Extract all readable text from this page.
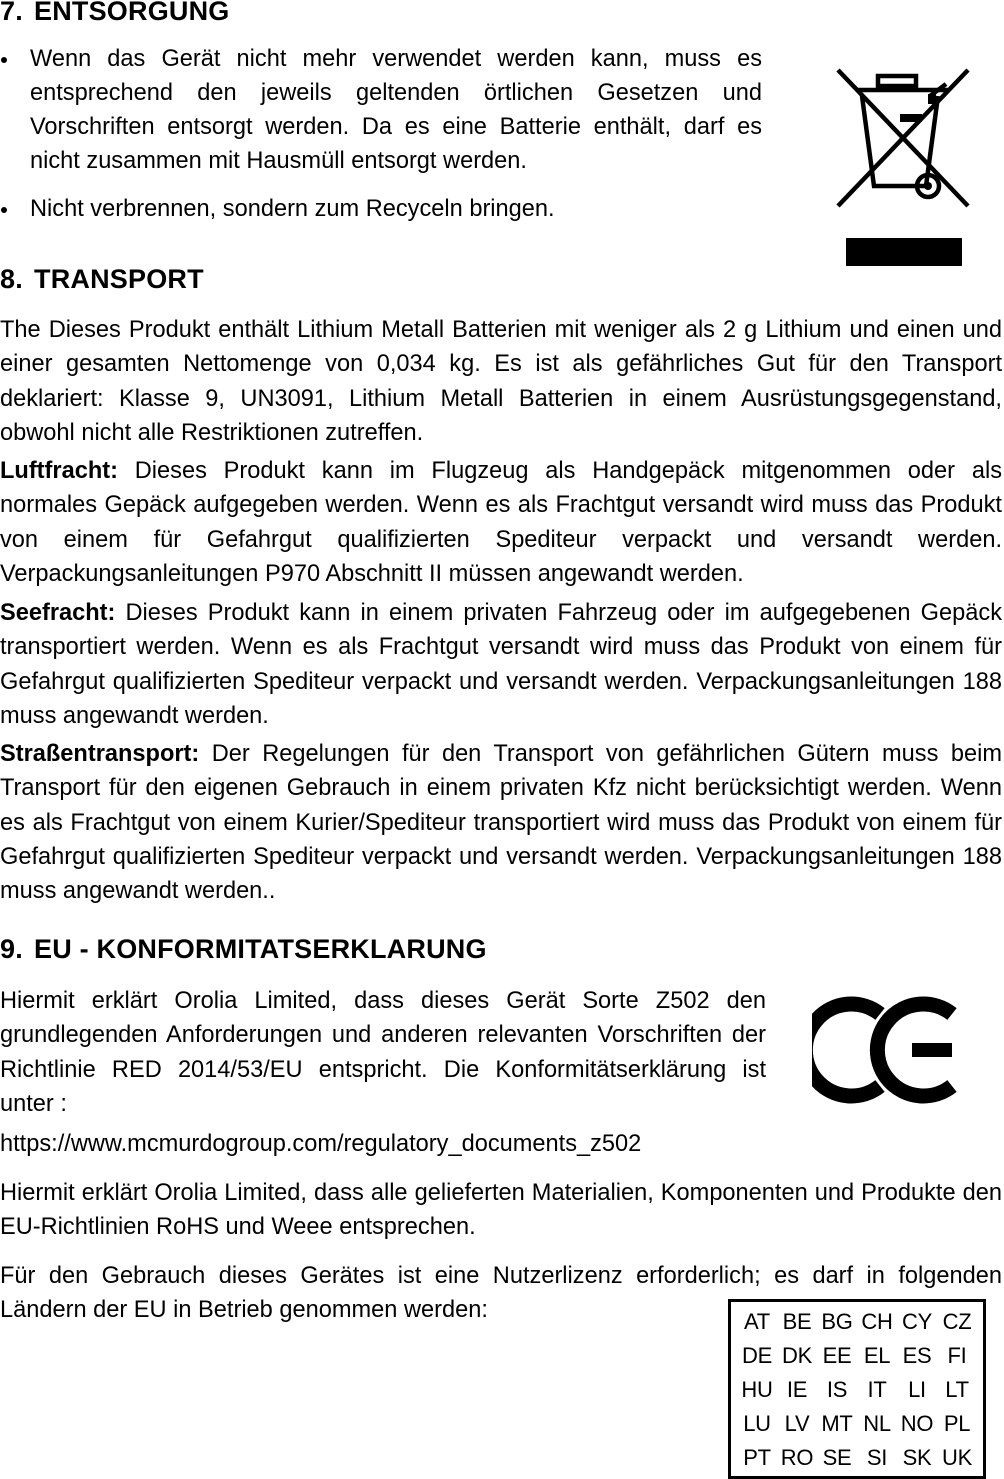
7. ENTSORGUNG
Wenn das Gerät nicht mehr verwendet werden kann, muss es entsprechend den jeweils geltenden örtlichen Gesetzen und Vorschriften entsorgt werden. Da es eine Batterie enthält, darf es nicht zusammen mit Hausmüll entsorgt werden.
Nicht verbrennen, sondern zum Recyceln bringen.
8. TRANSPORT

The Dieses Produkt enthält Lithium Metall Batterien mit weniger als 2 g Lithium und einen und einer gesamten Nettomenge von 0,034 kg. Es ist als gefährliches Gut für den Transport deklariert: Klasse 9, UN3091, Lithium Metall Batterien in einem Ausrüstungsgegenstand, obwohl nicht alle Restriktionen zutreffen.

Luftfracht: Dieses Produkt kann im Flugzeug als Handgepäck mitgenommen oder als normales Gepäck aufgegeben werden. Wenn es als Frachtgut versandt wird muss das Produkt von einem für Gefahrgut qualifizierten Spediteur verpackt und versandt werden. Verpackungsanleitungen P970 Abschnitt II müssen angewandt werden.

Seefracht: Dieses Produkt kann in einem privaten Fahrzeug oder im aufgegebenen Gepäck transportiert werden. Wenn es als Frachtgut versandt wird muss das Produkt von einem für Gefahrgut qualifizierten Spediteur verpackt und versandt werden. Verpackungsanleitungen 188 muss angewandt werden.

Straßentransport: Der Regelungen für den Transport von gefährlichen Gütern muss beim Transport für den eigenen Gebrauch in einem privaten Kfz nicht berücksichtigt werden. Wenn es als Frachtgut von einem Kurier/Spediteur transportiert wird muss das Produkt von einem für Gefahrgut qualifizierten Spediteur verpackt und versandt werden. Verpackungsanleitungen 188 muss angewandt werden..

9. EU - KONFORMITATSERKLARUNG

Hiermit erklärt Orolia Limited, dass dieses Gerät Sorte Z502 den grundlegenden Anforderungen und anderen relevanten Vorschriften der Richtlinie RED 2014/53/EU entspricht. Die Konformitätserklärung ist unter :

https://www.mcmurdogroup.com/regulatory_documents_z502

Hiermit erklärt Orolia Limited, dass alle gelieferten Materialien, Komponenten und Produkte den EU-Richtlinien RoHS und Weee entsprechen.

Für den Gebrauch dieses Gerätes ist eine Nutzerlizenz erforderlich; es darf in folgenden Ländern der EU in Betrieb genommen werden:	AT BE BG CH CY CZ
DE DK EE EL ES FI
HU IE IS IT LI LT
LU LV MT NL NO PL
PT RO SE SI SK UK
